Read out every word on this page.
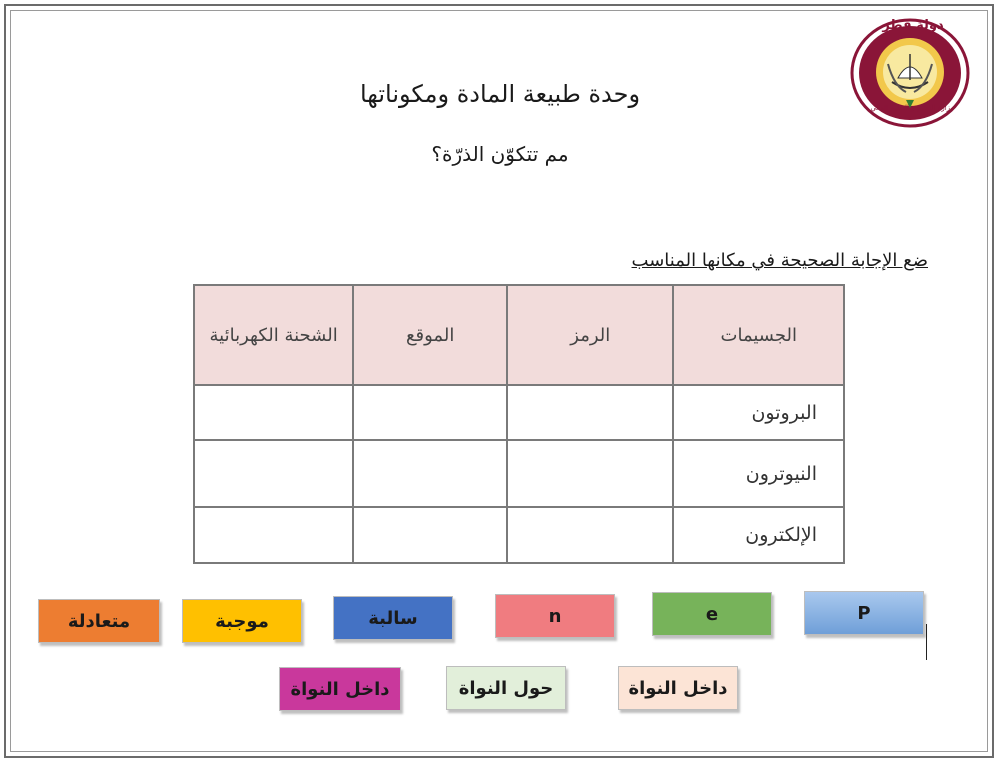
دولة قطر
وزارة التعليم و التعليم العالي
وحدة طبيعة المادة ومكوناتها
مم تتكوّن الذرّة؟
ضع الإجابة الصحيحة في مكانها المناسب
الجسيمات	الرمز	الموقع	الشحنة الكهربائية
البروتون			
النيوترون			
الإلكترون			
P
e
n
سالبة
موجبة
متعادلة
داخل النواة
حول النواة
داخل النواة
